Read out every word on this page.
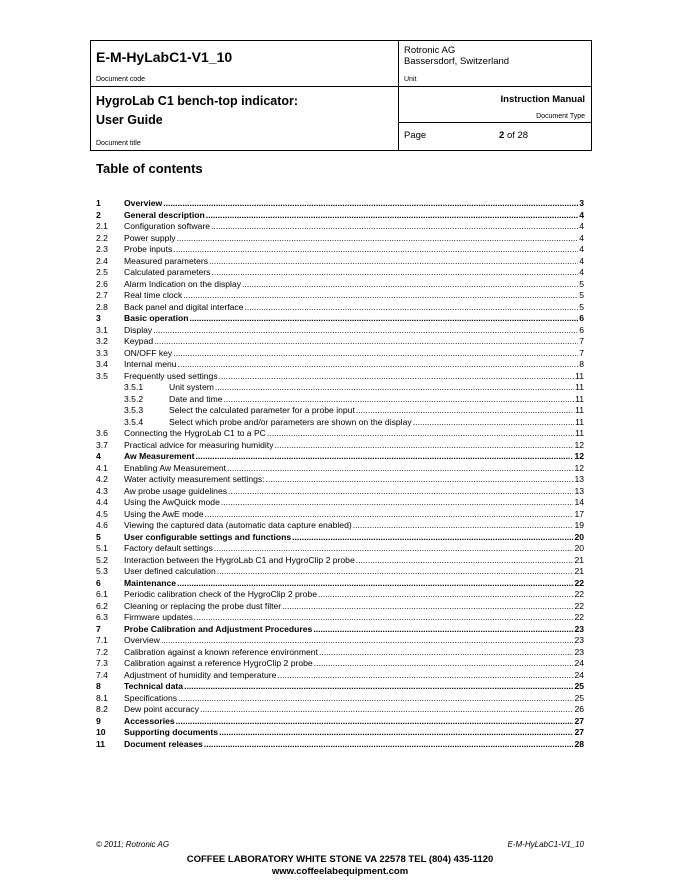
E-M-HyLabC1-V1_10
Document code	Rotronic AG
Bassersdorf, Switzerland
Unit

HygroLab C1 bench-top indicator:
User Guide
Document title	Instruction Manual
Document Type

	Page 2 of 28
Table of contents
1	Overview .....	3
2	General description .....	4
2.1	Configuration software .....	4
2.2	Power supply .....	4
2.3	Probe inputs .....	4
2.4	Measured parameters .....	4
2.5	Calculated parameters .....	4
2.6	Alarm Indication on the display .....	5
2.7	Real time clock .....	5
2.8	Back panel and digital interface .....	5
3	Basic operation .....	6
3.1	Display .....	6
3.2	Keypad .....	7
3.3	ON/OFF key .....	7
3.4	Internal menu .....	8
3.5	Frequently used settings .....	11
3.5.1	Unit system .....	11
3.5.2	Date and time .....	11
3.5.3	Select the calculated parameter for a probe input .....	11
3.5.4	Select which probe and/or parameters are shown on the display .....	11
3.6	Connecting the HygroLab C1 to a PC .....	11
3.7	Practical advice for measuring humidity .....	12
4	Aw Measurement .....	12
4.1	Enabling Aw Measurement .....	12
4.2	Water activity measurement settings: .....	13
4.3	Aw probe usage guidelines .....	13
4.4	Using the AwQuick mode .....	14
4.5	Using the AwE mode .....	17
4.6	Viewing the captured data (automatic data capture enabled) .....	19
5	User configurable settings and functions .....	20
5.1	Factory default settings .....	20
5.2	Interaction between the HygroLab C1 and HygroClip 2 probe .....	21
5.3	User defined calculation .....	21
6	Maintenance .....	22
6.1	Periodic calibration check of the HygroClip 2 probe .....	22
6.2	Cleaning or replacing the probe dust filter .....	22
6.3	Firmware updates .....	22
7	Probe Calibration and Adjustment Procedures .....	23
7.1	Overview .....	23
7.2	Calibration against a known reference environment .....	23
7.3	Calibration against a reference HygroClip 2 probe .....	24
7.4	Adjustment of humidity and temperature .....	24
8	Technical data .....	25
8.1	Specifications .....	25
8.2	Dew point accuracy .....	26
9	Accessories .....	27
10	Supporting documents .....	27
11	Document releases .....	28
© 2011; Rotronic AG	E-M-HyLabC1-V1_10
COFFEE LABORATORY WHITE STONE VA 22578 TEL (804) 435-1120
www.coffeelabequipment.com
